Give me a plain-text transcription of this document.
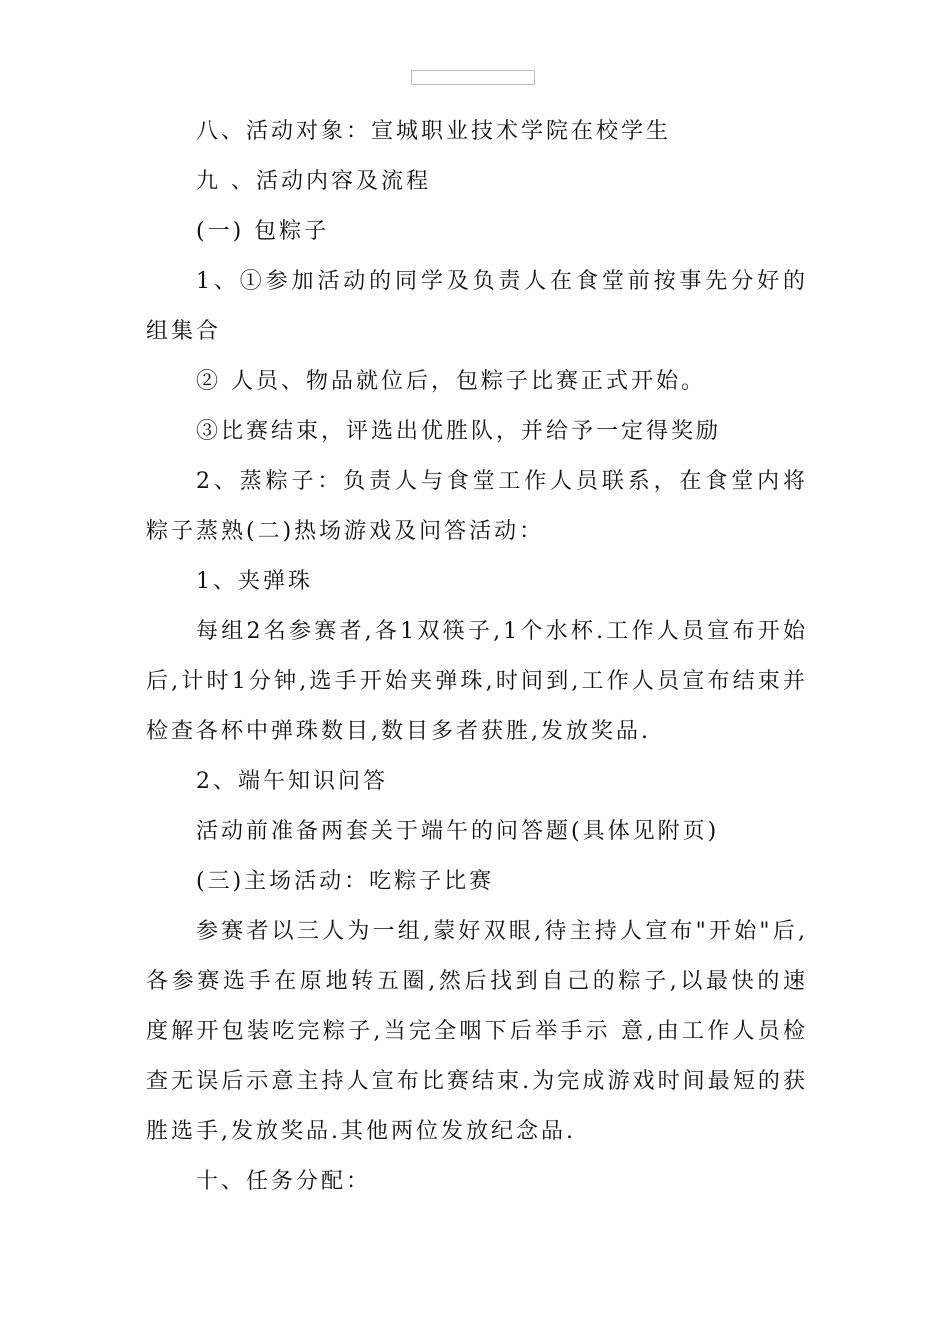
八、活动对象：宣城职业技术学院在校学生

九 、活动内容及流程

(一) 包粽子

1、①参加活动的同学及负责人在食堂前按事先分好的组集合

② 人员、物品就位后，包粽子比赛正式开始。

③比赛结束，评选出优胜队，并给予一定得奖励

2、蒸粽子：负责人与食堂工作人员联系，在食堂内将粽子蒸熟(二)热场游戏及问答活动：

1、夹弹珠

每组2名参赛者,各1双筷子,1个水杯.工作人员宣布开始后,计时1分钟,选手开始夹弹珠,时间到,工作人员宣布结束并检查各杯中弹珠数目,数目多者获胜,发放奖品.

2、端午知识问答

活动前准备两套关于端午的问答题(具体见附页)

(三)主场活动：吃粽子比赛

参赛者以三人为一组,蒙好双眼,待主持人宣布"开始"后,各参赛选手在原地转五圈,然后找到自己的粽子,以最快的速度解开包装吃完粽子,当完全咽下后举手示 意,由工作人员检查无误后示意主持人宣布比赛结束.为完成游戏时间最短的获胜选手,发放奖品.其他两位发放纪念品.

十、任务分配：
